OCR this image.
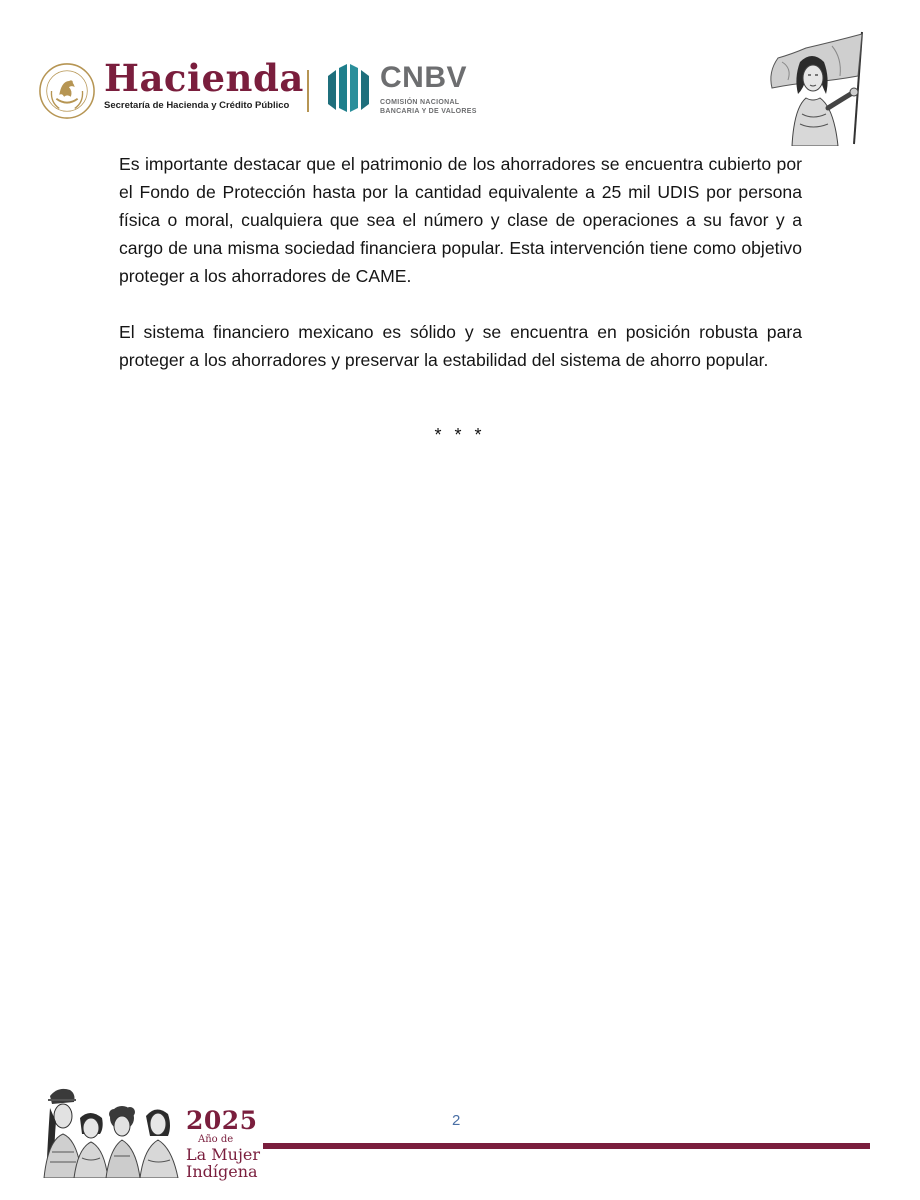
Hacienda
Secretaría de Hacienda y Crédito Público
CNBV
COMISIÓN NACIONAL
BANCARIA Y DE VALORES

Es importante destacar que el patrimonio de los ahorradores se encuentra cubierto por el Fondo de Protección hasta por la cantidad equivalente a 25 mil UDIS por persona física o moral, cualquiera que sea el número y clase de operaciones a su favor y a cargo de una misma sociedad financiera popular. Esta intervención tiene como objetivo proteger a los ahorradores de CAME.

El sistema financiero mexicano es sólido y se encuentra en posición robusta para proteger a los ahorradores y preservar la estabilidad del sistema de ahorro popular.

* * *
2025
Año de
La Mujer
Indígena
2
